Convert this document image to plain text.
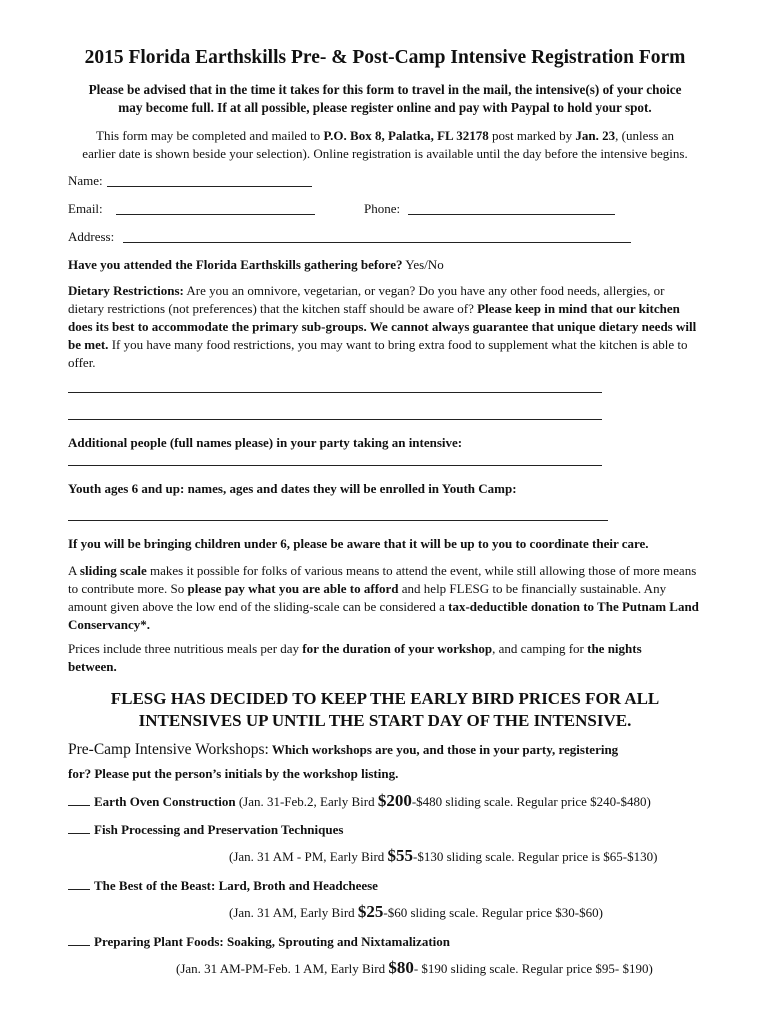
2015 Florida Earthskills Pre- & Post-Camp Intensive Registration Form
Please be advised that in the time it takes for this form to travel in the mail, the intensive(s) of your choice
may become full. If at all possible, please register online and pay with Paypal to hold your spot.
This form may be completed and mailed to P.O. Box 8, Palatka, FL 32178 post marked by Jan. 23, (unless an
earlier date is shown beside your selection). Online registration is available until the day before the intensive begins.
Name:
Email:	Phone:
Address:
Have you attended the Florida Earthskills gathering before? Yes/No
Dietary Restrictions: Are you an omnivore, vegetarian, or vegan? Do you have any other food needs, allergies, or dietary restrictions (not preferences) that the kitchen staff should be aware of? Please keep in mind that our kitchen does its best to accommodate the primary sub-groups. We cannot always guarantee that unique dietary needs will be met. If you have many food restrictions, you may want to bring extra food to supplement what the kitchen is able to offer.
Additional people (full names please) in your party taking an intensive:
Youth ages 6 and up: names, ages and dates they will be enrolled in Youth Camp:
If you will be bringing children under 6, please be aware that it will be up to you to coordinate their care.
A sliding scale makes it possible for folks of various means to attend the event, while still allowing those of more means to contribute more. So please pay what you are able to afford and help FLESG to be financially sustainable. Any amount given above the low end of the sliding-scale can be considered a tax-deductible donation to The Putnam Land Conservancy*.
Prices include three nutritious meals per day for the duration of your workshop, and camping for the nights between.
FLESG HAS DECIDED TO KEEP THE EARLY BIRD PRICES FOR ALL
INTENSIVES UP UNTIL THE START DAY OF THE INTENSIVE.
Pre-Camp Intensive Workshops: Which workshops are you, and those in your party, registering
for? Please put the person’s initials by the workshop listing.
Earth Oven Construction (Jan. 31-Feb.2, Early Bird $200-$480 sliding scale. Regular price $240-$480)
Fish Processing and Preservation Techniques
(Jan. 31 AM - PM, Early Bird $55-$130 sliding scale. Regular price is $65-$130)
The Best of the Beast: Lard, Broth and Headcheese
(Jan. 31 AM, Early Bird $25-$60 sliding scale. Regular price $30-$60)
Preparing Plant Foods: Soaking, Sprouting and Nixtamalization
(Jan. 31 AM-PM-Feb. 1 AM, Early Bird $80- $190 sliding scale. Regular price $95- $190)
